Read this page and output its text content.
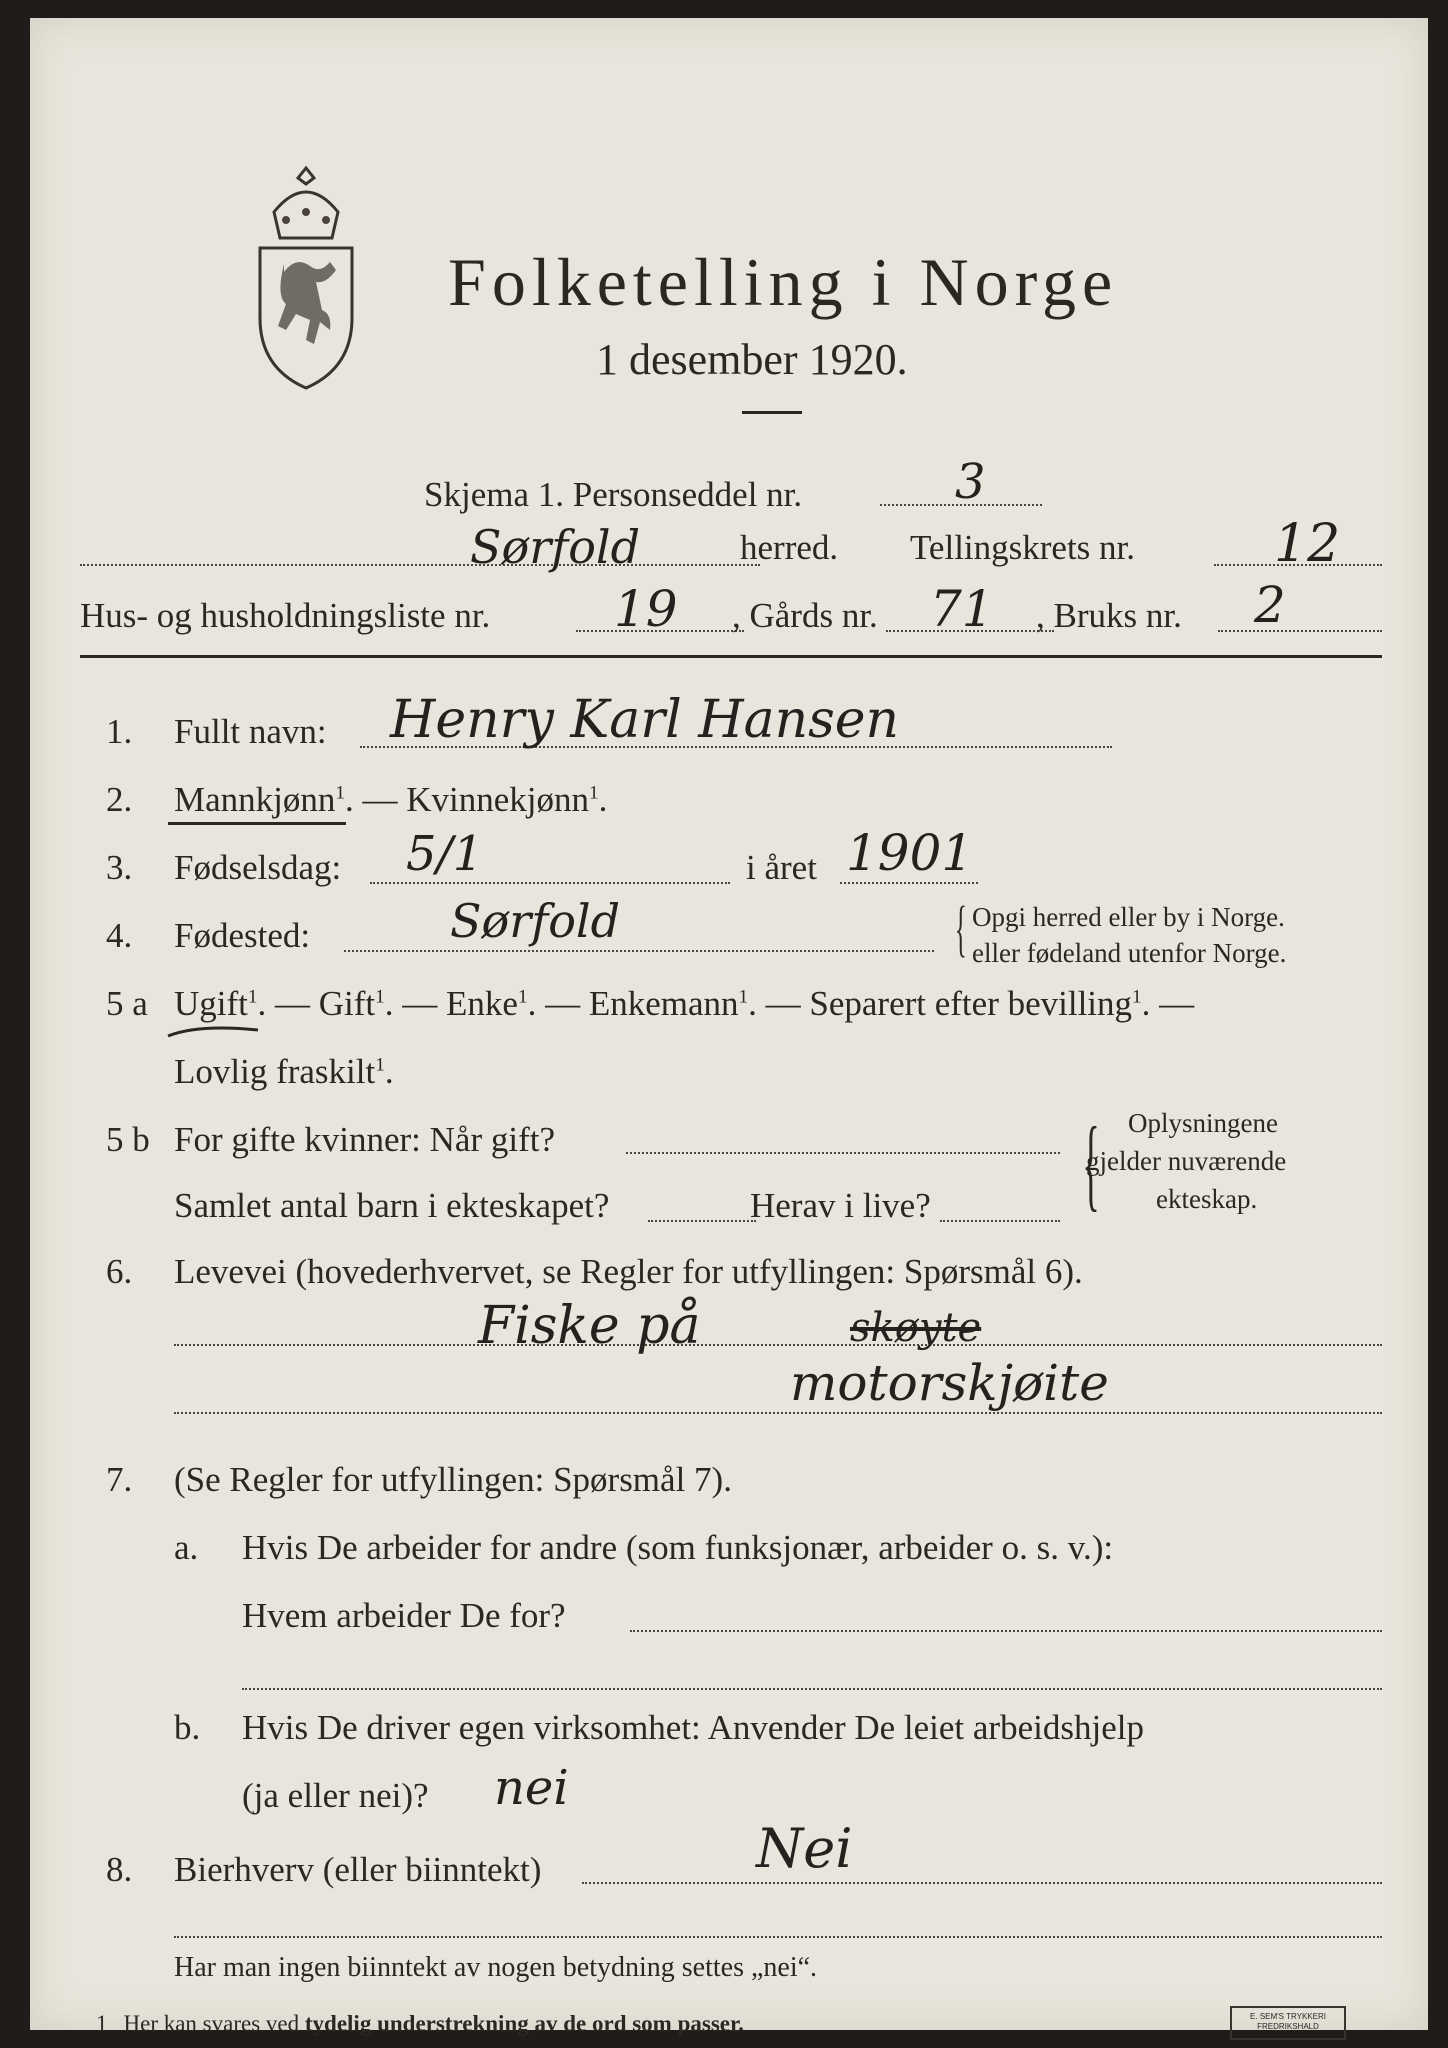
Folketelling i Norge
1 desember 1920.
Skjema 1. Personseddel nr.	3
Sørfold	herred. Tellingskrets nr.	12
Hus- og husholdningsliste nr. 19 , Gårds nr. 71 , Bruks nr. 2
1. Fullt navn: Henry Karl Hansen
2. Mannkjønn$^1$. — Kvinnekjønn$^1$.
3. Fødselsdag: 5/1	i året 1901
4. Fødested:	Sørfold	{ Opgi herred eller by i Norge.
eller fødeland utenfor Norge.
5 a Ugift$^1$. — Gift$^1$. — Enke$^1$. — Enkemann$^1$. — Separert efter bevilling$^1$. —
Lovlig fraskilt$^1$.
5 b For gifte kvinner: Når gift?
Samlet antal barn i ekteskapet?	Herav i live? { Oplysningene
gjelder nuværende
ekteskap.
6. Levevei (hovederhvervet, se Regler for utfyllingen: Spørsmål 6).
Fiske på	skøyte
motorskjøite
7. (Se Regler for utfyllingen: Spørsmål 7).
a. Hvis De arbeider for andre (som funksjonær, arbeider o. s. v.):
Hvem arbeider De for?
b. Hvis De driver egen virksomhet: Anvender De leiet arbeidshjelp
(ja eller nei)? nei
8. Bierhverv (eller biinntekt)	Nei
Har man ingen biinntekt av nogen betydning settes „nei“.
1 Her kan svares ved tydelig understrekning av de ord som passer.	E. SEM'S TRYKKERI
FREDRIKSHALD
